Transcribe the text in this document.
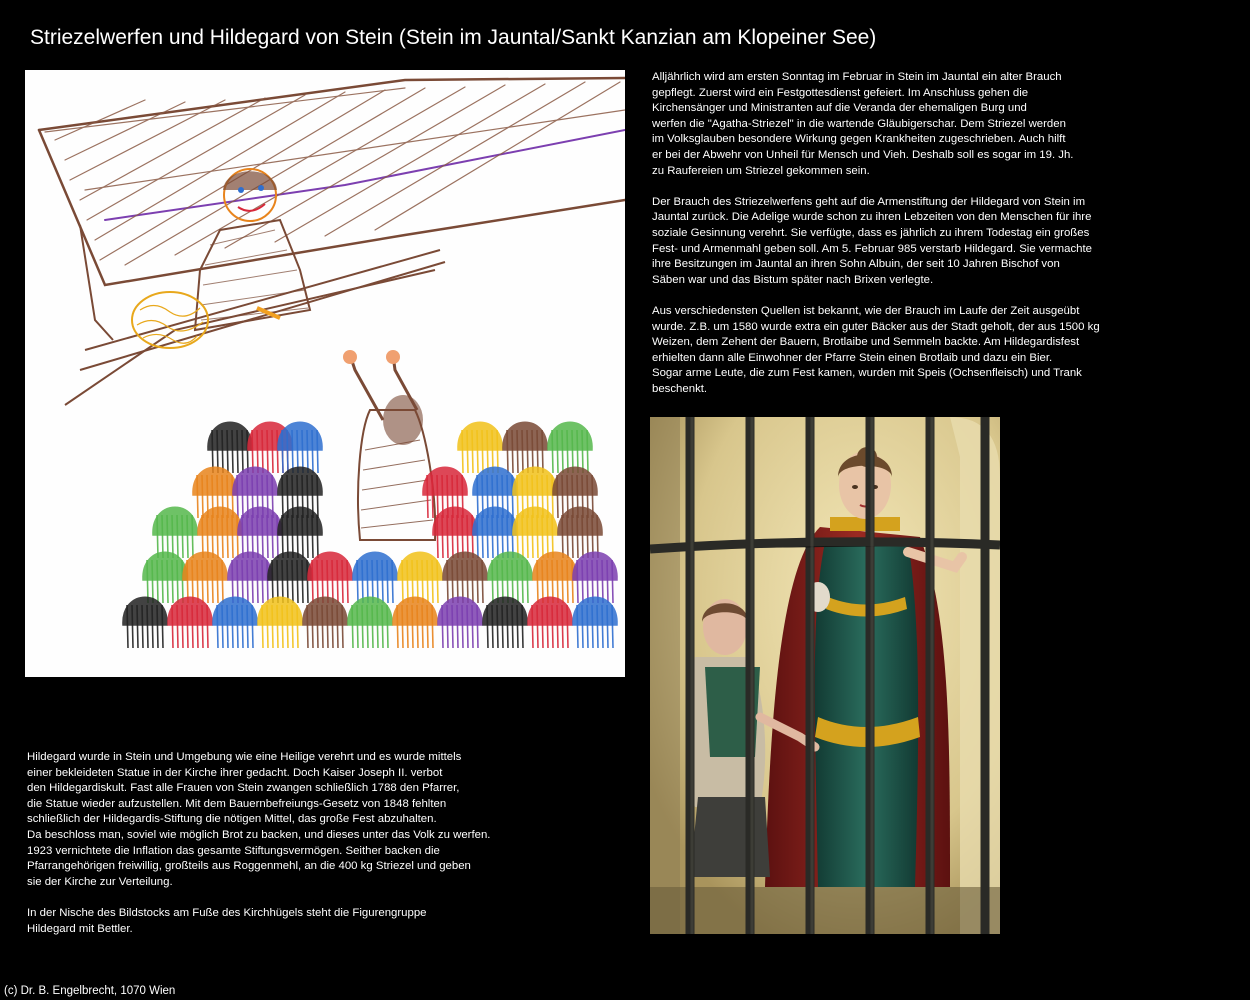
Striezelwerfen und Hildegard von Stein (Stein im Jauntal/Sankt Kanzian am Klopeiner See)

Alljährlich wird am ersten Sonntag im Februar in Stein im Jauntal ein alter Brauch
gepflegt. Zuerst wird ein Festgottesdienst gefeiert. Im Anschluss gehen die
Kirchensänger und Ministranten auf die Veranda der ehemaligen Burg und
werfen die "Agatha-Striezel" in die wartende Gläubigerschar. Dem Striezel werden
im Volksglauben besondere Wirkung gegen Krankheiten zugeschrieben. Auch hilft
er bei der Abwehr von Unheil für Mensch und Vieh. Deshalb soll es sogar im 19. Jh.
zu Raufereien um Striezel gekommen sein.

Der Brauch des Striezelwerfens geht auf die Armenstiftung der Hildegard von Stein im
Jauntal zurück. Die Adelige wurde schon zu ihren Lebzeiten von den Menschen für ihre
soziale Gesinnung verehrt. Sie verfügte, dass es jährlich zu ihrem Todestag ein großes
Fest- und Armenmahl geben soll. Am 5. Februar 985 verstarb Hildegard. Sie vermachte
ihre Besitzungen im Jauntal an ihren Sohn Albuin, der seit 10 Jahren Bischof von
Säben war und das Bistum später nach Brixen verlegte.

Aus verschiedensten Quellen ist bekannt, wie der Brauch im Laufe der Zeit ausgeübt
wurde. Z.B. um 1580 wurde extra ein guter Bäcker aus der Stadt geholt, der aus 1500 kg
Weizen, dem Zehent der Bauern, Brotlaibe und Semmeln backte. Am Hildegardisfest
erhielten dann alle Einwohner der Pfarre Stein einen Brotlaib und dazu ein Bier.
Sogar arme Leute, die zum Fest kamen, wurden mit Speis (Ochsenfleisch) und Trank
beschenkt.

Hildegard wurde in Stein und Umgebung wie eine Heilige verehrt und es wurde mittels
einer bekleideten Statue in der Kirche ihrer gedacht. Doch Kaiser Joseph II. verbot
den Hildegardiskult. Fast alle Frauen von Stein zwangen schließlich 1788 den Pfarrer,
die Statue wieder aufzustellen. Mit dem Bauernbefreiungs-Gesetz von 1848 fehlten
schließlich der Hildegardis-Stiftung die nötigen Mittel, das große Fest abzuhalten.
Da beschloss man, soviel wie möglich Brot zu backen, und dieses unter das Volk zu werfen.
1923 vernichtete die Inflation das gesamte Stiftungsvermögen. Seither backen die
Pfarrangehörigen freiwillig, großteils aus Roggenmehl, an die 400 kg Striezel und geben
sie der Kirche zur Verteilung.

In der Nische des Bildstocks am Fuße des Kirchhügels steht die Figurengruppe
Hildegard mit Bettler.

(c) Dr. B. Engelbrecht, 1070 Wien
